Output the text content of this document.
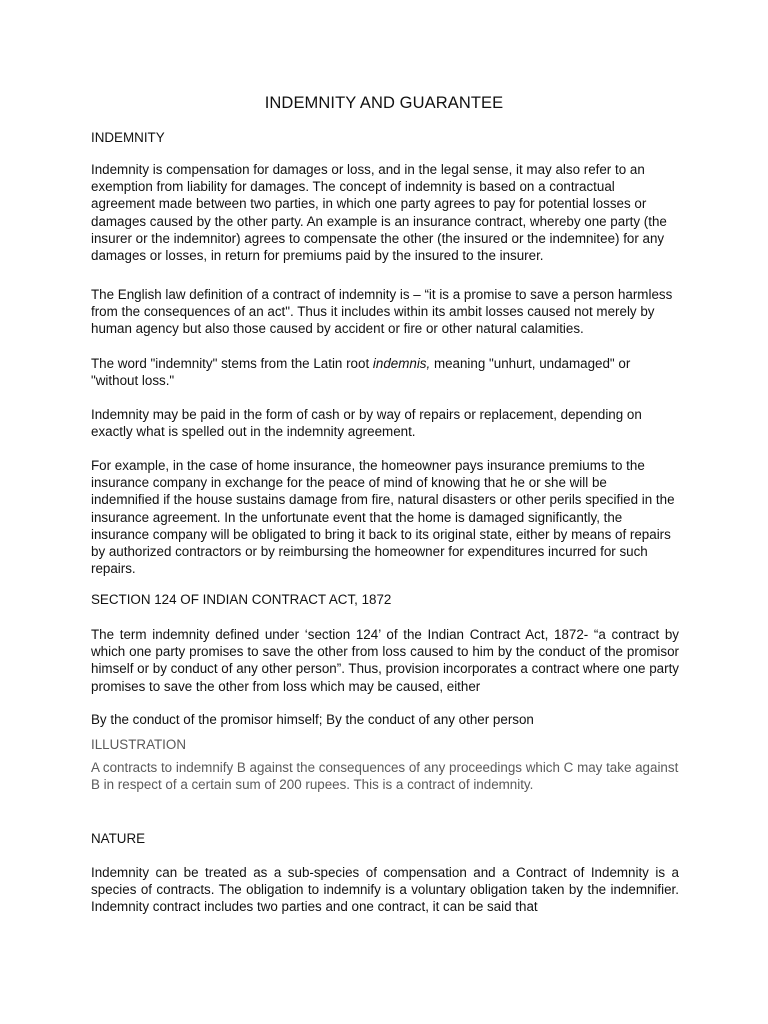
INDEMNITY AND GUARANTEE
INDEMNITY

Indemnity is compensation for damages or loss, and in the legal sense, it may also refer to an exemption from liability for damages. The concept of indemnity is based on a contractual agreement made between two parties, in which one party agrees to pay for potential losses or damages caused by the other party. An example is an insurance contract, whereby one party (the insurer or the indemnitor) agrees to compensate the other (the insured or the indemnitee) for any damages or losses, in return for premiums paid by the insured to the insurer.

The English law definition of a contract of indemnity is – “it is a promise to save a person harmless from the consequences of an act". Thus it includes within its ambit losses caused not merely by human agency but also those caused by accident or fire or other natural calamities.

The word "indemnity" stems from the Latin root indemnis, meaning "unhurt, undamaged" or "without loss."

Indemnity may be paid in the form of cash or by way of repairs or replacement, depending on exactly what is spelled out in the indemnity agreement.

For example, in the case of home insurance, the homeowner pays insurance premiums to the insurance company in exchange for the peace of mind of knowing that he or she will be indemnified if the house sustains damage from fire, natural disasters or other perils specified in the insurance agreement. In the unfortunate event that the home is damaged significantly, the insurance company will be obligated to bring it back to its original state, either by means of repairs by authorized contractors or by reimbursing the homeowner for expenditures incurred for such repairs.

SECTION 124 OF INDIAN CONTRACT ACT, 1872

The term indemnity defined under ‘section 124’ of the Indian Contract Act, 1872- “a contract by which one party promises to save the other from loss caused to him by the conduct of the promisor himself or by conduct of any other person”. Thus, provision incorporates a contract where one party promises to save the other from loss which may be caused, either

By the conduct of the promisor himself; By the conduct of any other person

ILLUSTRATION

A contracts to indemnify B against the consequences of any proceedings which C may take against B in respect of a certain sum of 200 rupees. This is a contract of indemnity.

NATURE

Indemnity can be treated as a sub-species of compensation and a Contract of Indemnity is a species of contracts. The obligation to indemnify is a voluntary obligation taken by the indemnifier. Indemnity contract includes two parties and one contract, it can be said that
